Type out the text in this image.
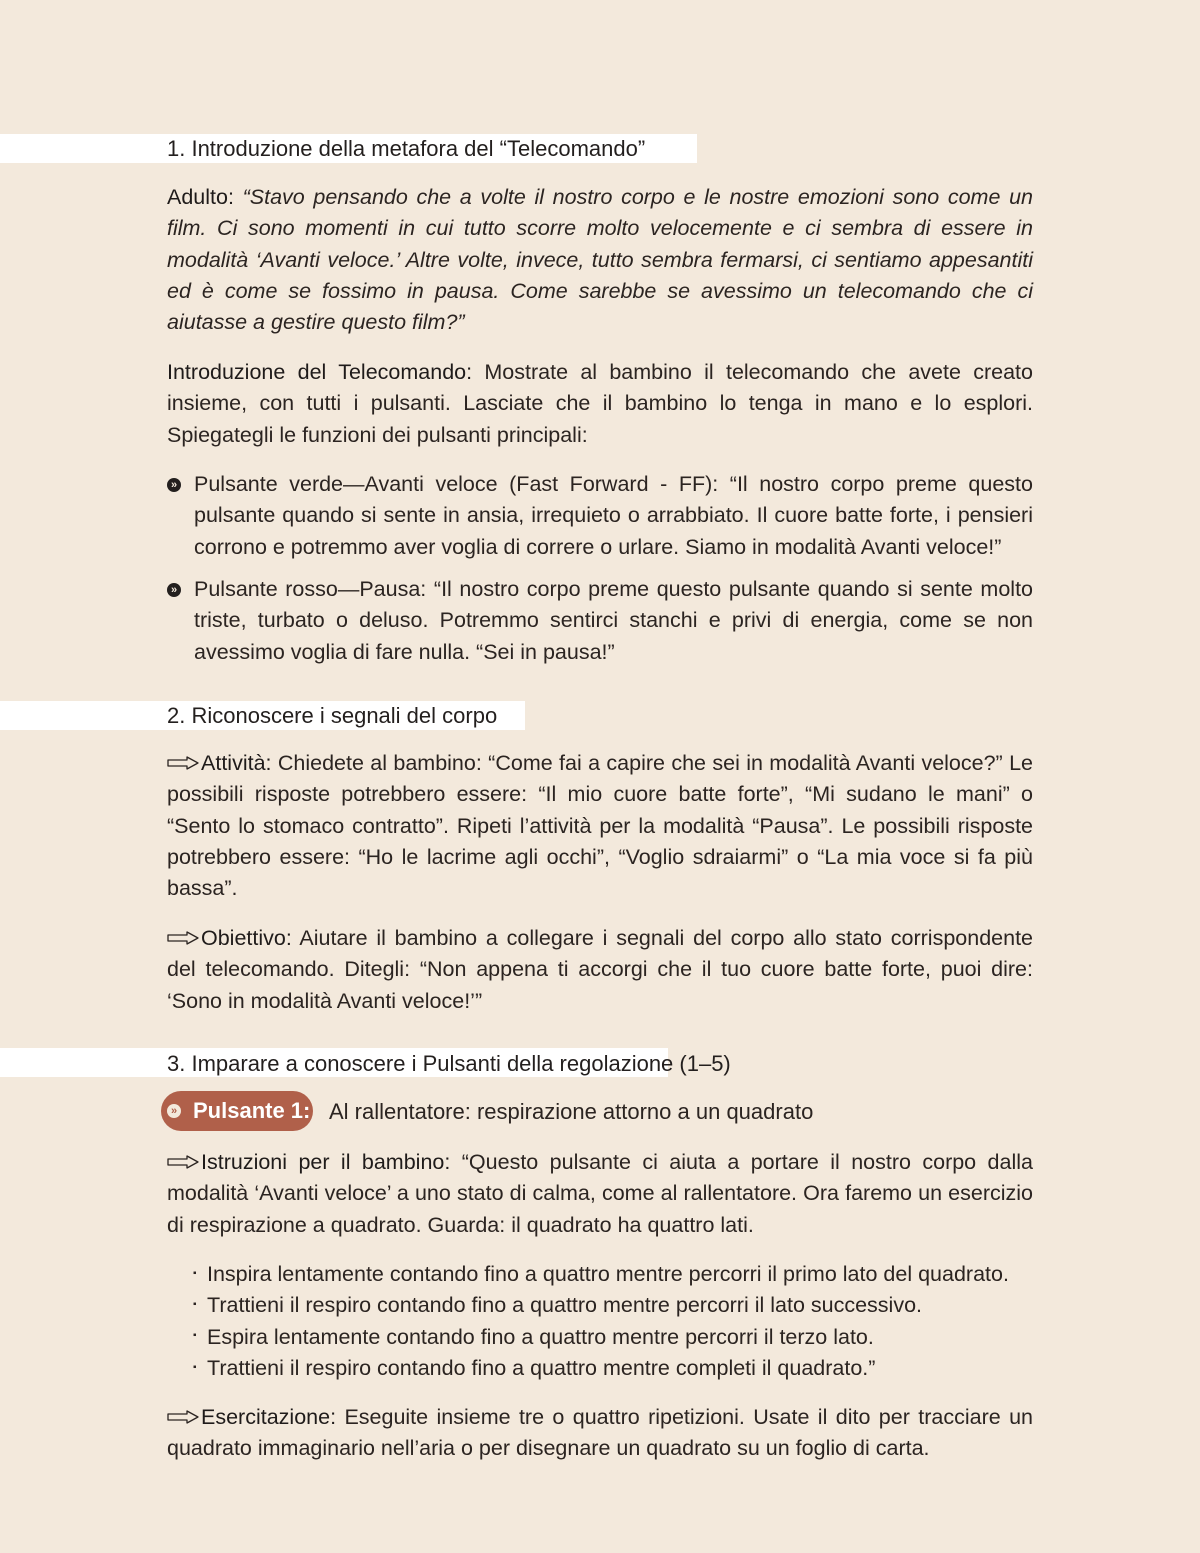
1. Introduzione della metafora del “Telecomando”
Adulto: “Stavo pensando che a volte il nostro corpo e le nostre emozioni sono come un film. Ci sono momenti in cui tutto scorre molto velocemente e ci sembra di essere in modalità ‘Avanti veloce.’ Altre volte, invece, tutto sembra fermarsi, ci sentiamo appesantiti ed è come se fossimo in pausa. Come sarebbe se avessimo un telecomando che ci aiutasse a gestire questo film?”
Introduzione del Telecomando: Mostrate al bambino il telecomando che avete creato insieme, con tutti i pulsanti. Lasciate che il bambino lo tenga in mano e lo esplori. Spiegategli le funzioni dei pulsanti principali:
» Pulsante verde—Avanti veloce (Fast Forward - FF): “Il nostro corpo preme questo pulsante quando si sente in ansia, irrequieto o arrabbiato. Il cuore batte forte, i pensieri corrono e potremmo aver voglia di correre o urlare. Siamo in modalità Avanti veloce!”
» Pulsante rosso—Pausa: “Il nostro corpo preme questo pulsante quando si sente molto triste, turbato o deluso. Potremmo sentirci stanchi e privi di energia, come se non avessimo voglia di fare nulla. “Sei in pausa!”
2. Riconoscere i segnali del corpo
Attività: Chiedete al bambino: “Come fai a capire che sei in modalità Avanti veloce?” Le possibili risposte potrebbero essere: “Il mio cuore batte forte”, “Mi sudano le mani” o “Sento lo stomaco contratto”. Ripeti l’attività per la modalità “Pausa”. Le possibili risposte potrebbero essere: “Ho le lacrime agli occhi”, “Voglio sdraiarmi” o “La mia voce si fa più bassa”.
Obiettivo: Aiutare il bambino a collegare i segnali del corpo allo stato corrispondente del telecomando. Ditegli: “Non appena ti accorgi che il tuo cuore batte forte, puoi dire: ‘Sono in modalità Avanti veloce!’”
3. Imparare a conoscere i Pulsanti della regolazione (1–5)
» Pulsante 1: Al rallentatore: respirazione attorno a un quadrato
Istruzioni per il bambino: “Questo pulsante ci aiuta a portare il nostro corpo dalla modalità ‘Avanti veloce’ a uno stato di calma, come al rallentatore. Ora faremo un esercizio di respirazione a quadrato. Guarda: il quadrato ha quattro lati.
▪ Inspira lentamente contando fino a quattro mentre percorri il primo lato del quadrato.
▪ Trattieni il respiro contando fino a quattro mentre percorri il lato successivo.
▪ Espira lentamente contando fino a quattro mentre percorri il terzo lato.
▪ Trattieni il respiro contando fino a quattro mentre completi il quadrato.”
Esercitazione: Eseguite insieme tre o quattro ripetizioni. Usate il dito per tracciare un quadrato immaginario nell’aria o per disegnare un quadrato su un foglio di carta.
